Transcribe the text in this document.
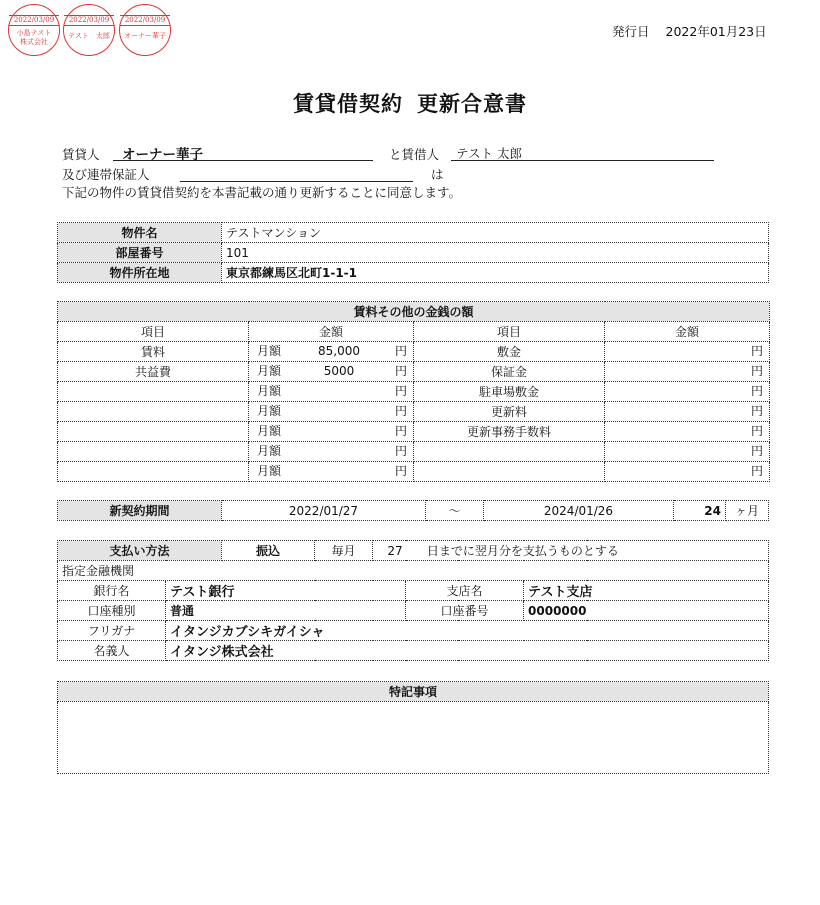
2022/03/09
小島テスト
株式会社
2022/03/09
テスト　太郎
2022/03/09
オーナー華子	発行日 2022年01月23日
賃貸借契約 更新合意書
賃貸人 オーナー華子	と賃借人 テスト 太郎
及び連帯保証人	は
下記の物件の賃貸借契約を本書記載の通り更新することに同意します。
物件名	テストマンション
部屋番号	101
物件所在地	東京都練馬区北町1-1-1
賃料その他の金銭の額			
項目	金額	項目	金額
賃料	月額 85,000 円	敷金	円

共益費	月額 5000 円	保証金	円

	月額 円	駐車場敷金	円

	月額 円	更新料	円

	月額 円	更新事務手数料	円

	月額 円		円

	月額 円		円
新契約期間	2022/01/27	～	2024/01/26	24	ヶ月
支払い方法		振込	毎月	27 日までに翌月分を支払うものとする		
指定金融機関						
銀行名	テスト銀行				支店名	テスト支店
口座種別	普通				口座番号	0000000
フリガナ	イタンジカブシキガイシャ					
名義人	イタンジ株式会社					
特記事項
